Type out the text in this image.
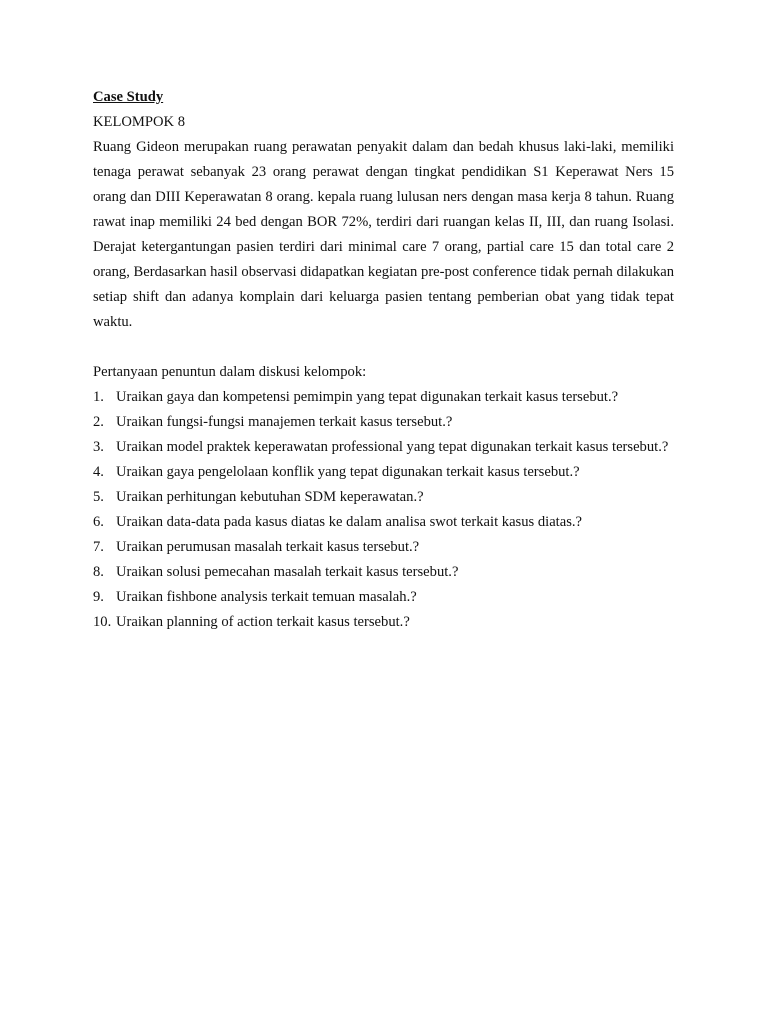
Case Study

KELOMPOK 8

Ruang Gideon merupakan ruang perawatan penyakit dalam dan bedah khusus laki-laki, memiliki tenaga perawat sebanyak 23 orang perawat dengan tingkat pendidikan S1 Keperawat Ners 15 orang dan DIII Keperawatan 8 orang. kepala ruang lulusan ners dengan masa kerja 8 tahun. Ruang rawat inap memiliki 24 bed dengan BOR 72%, terdiri dari ruangan kelas II, III, dan ruang Isolasi. Derajat ketergantungan pasien terdiri dari minimal care 7 orang, partial care 15 dan total care 2 orang, Berdasarkan hasil observasi didapatkan kegiatan pre-post conference tidak pernah dilakukan setiap shift dan adanya komplain dari keluarga pasien tentang pemberian obat yang tidak tepat waktu.

Pertanyaan penuntun dalam diskusi kelompok:

1. Uraikan gaya dan kompetensi pemimpin yang tepat digunakan terkait kasus tersebut.?
2. Uraikan fungsi-fungsi manajemen terkait kasus tersebut.?
3. Uraikan model praktek keperawatan professional yang tepat digunakan terkait kasus tersebut.?
4. Uraikan gaya pengelolaan konflik yang tepat digunakan terkait kasus tersebut.?
5. Uraikan perhitungan kebutuhan SDM keperawatan.?
6. Uraikan data-data pada kasus diatas ke dalam analisa swot terkait kasus diatas.?
7. Uraikan perumusan masalah terkait kasus tersebut.?
8. Uraikan solusi pemecahan masalah terkait kasus tersebut.?
9. Uraikan fishbone analysis terkait temuan masalah.?
10. Uraikan planning of action terkait kasus tersebut.?
